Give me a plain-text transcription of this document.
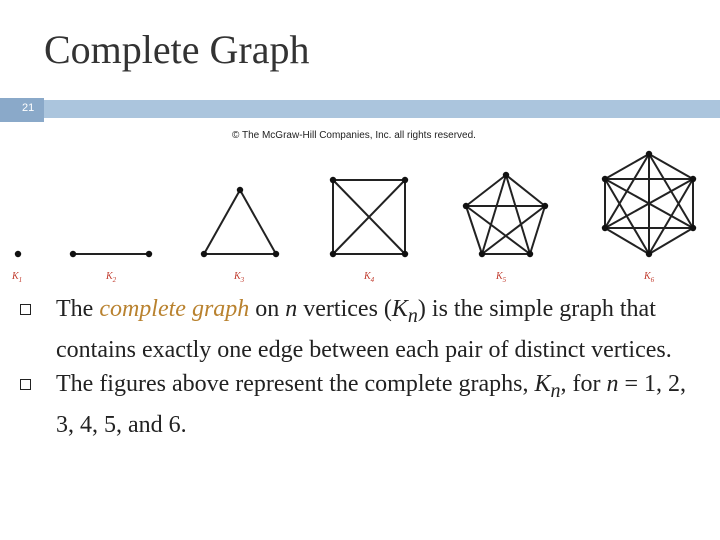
Complete Graph
21
© The McGraw-Hill Companies, Inc. all rights reserved.
$K_1$	$K_2$	$K_3$	$K_4$	$K_5$	$K_6$
The complete graph on n vertices $(K_n)$ is the simple graph that contains exactly one edge between each pair of distinct vertices.
The figures above represent the complete graphs, $K_n$, for n = 1, 2, 3, 4, 5, and 6.
